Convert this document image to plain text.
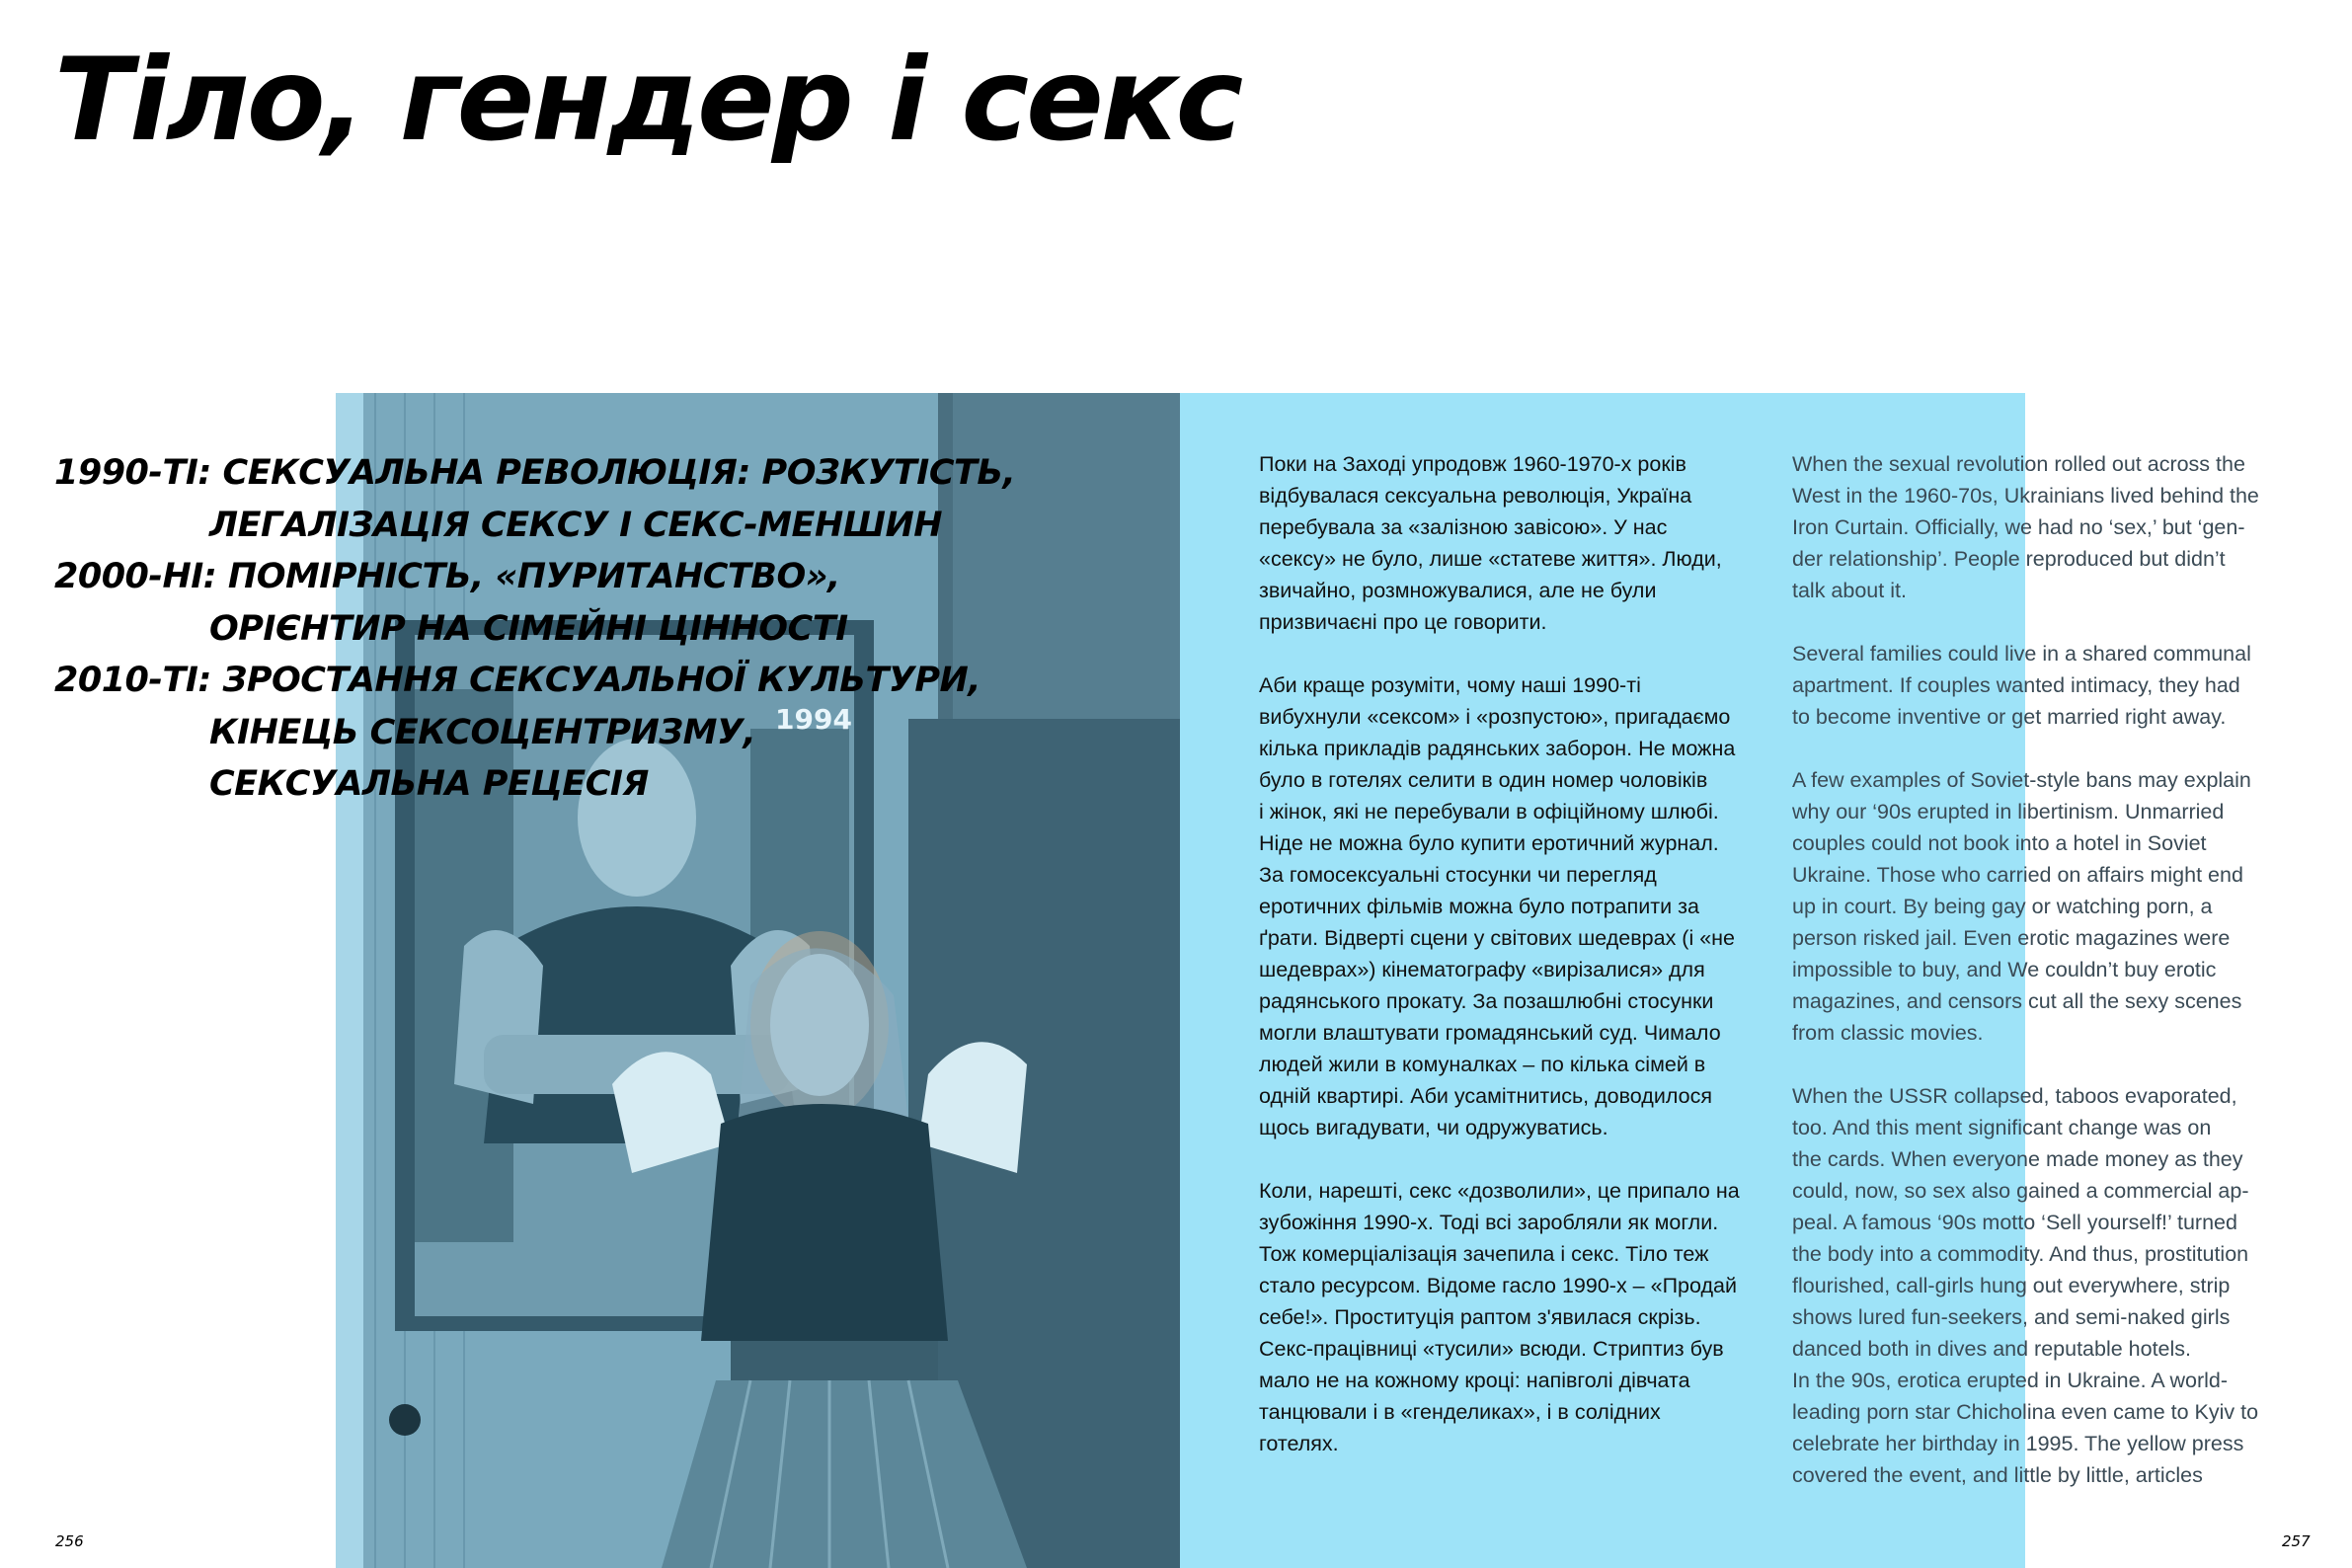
Тіло, гендер і секс
1994
1990-ТІ: СЕКСУАЛЬНА РЕВОЛЮЦІЯ: РОЗКУТІСТЬ,
ЛЕГАЛІЗАЦІЯ СЕКСУ І СЕКС-МЕНШИН
2000-НІ: ПОМІРНІСТЬ, «ПУРИТАНСТВО»,
ОРІЄНТИР НА СІМЕЙНІ ЦІННОСТІ
2010-ТІ: ЗРОСТАННЯ СЕКСУАЛЬНОЇ КУЛЬТУРИ,
КІНЕЦЬ СЕКСОЦЕНТРИЗМУ,
СЕКСУАЛЬНА РЕЦЕСІЯ

Поки на Заході упродовж 1960-1970-х років
відбувалася сексуальна революція, Україна
перебувала за «залізною завісою». У нас
«сексу» не було, лише «статеве життя». Люди,
звичайно, розмножувалися, але не були
призвичаєні про це говорити.

Аби краще розуміти, чому наші 1990-ті
вибухнули «сексом» і «розпустою», пригадаємо
кілька прикладів радянських заборон. Не можна
було в готелях селити в один номер чоловіків
і жінок, які не перебували в офіційному шлюбі.
Ніде не можна було купити еротичний журнал.
За гомосексуальні стосунки чи перегляд
еротичних фільмів можна було потрапити за
ґрати. Відверті сцени у світових шедеврах (і «не
шедеврах») кінематографу «вирізалися» для
радянського прокату. За позашлюбні стосунки
могли влаштувати громадянський суд. Чимало
людей жили в комуналках – по кілька сімей в
одній квартирі. Аби усамітнитись, доводилося
щось вигадувати, чи одружуватись.

Коли, нарешті, секс «дозволили», це припало на
зубожіння 1990-х. Тоді всі заробляли як могли.
Тож комерціалізація зачепила і секс. Тіло теж
стало ресурсом. Відоме гасло 1990-х – «Продай
себе!». Проституція раптом з'явилася скрізь.
Секс-працівниці «тусили» всюди. Стриптиз був
мало не на кожному кроці: напівголі дівчата
танцювали і в «генделиках», і в солідних
готелях.

When the sexual revolution rolled out across the
West in the 1960-70s, Ukrainians lived behind the
Iron Curtain. Officially, we had no ‘sex,’ but ‘gen-
der relationship’. People reproduced but didn’t
talk about it.

Several families could live in a shared communal
apartment. If couples wanted intimacy, they had
to become inventive or get married right away.

A few examples of Soviet-style bans may explain
why our ‘90s erupted in libertinism. Unmarried
couples could not book into a hotel in Soviet
Ukraine. Those who carried on affairs might end
up in court. By being gay or watching porn, a
person risked jail. Even erotic magazines were
impossible to buy, and We couldn’t buy erotic
magazines, and censors cut all the sexy scenes
from classic movies.

When the USSR collapsed, taboos evaporated,
too. And this ment significant change was on
the cards. When everyone made money as they
could, now, so sex also gained a commercial ap-
peal. A famous ‘90s motto ‘Sell yourself!’ turned
the body into a commodity. And thus, prostitution
flourished, call-girls hung out everywhere, strip
shows lured fun-seekers, and semi-naked girls
danced both in dives and reputable hotels.

In the 90s, erotica erupted in Ukraine. A world-
leading porn star Chicholina even came to Kyiv to
celebrate her birthday in 1995. The yellow press
covered the event, and little by little, articles

256	257
